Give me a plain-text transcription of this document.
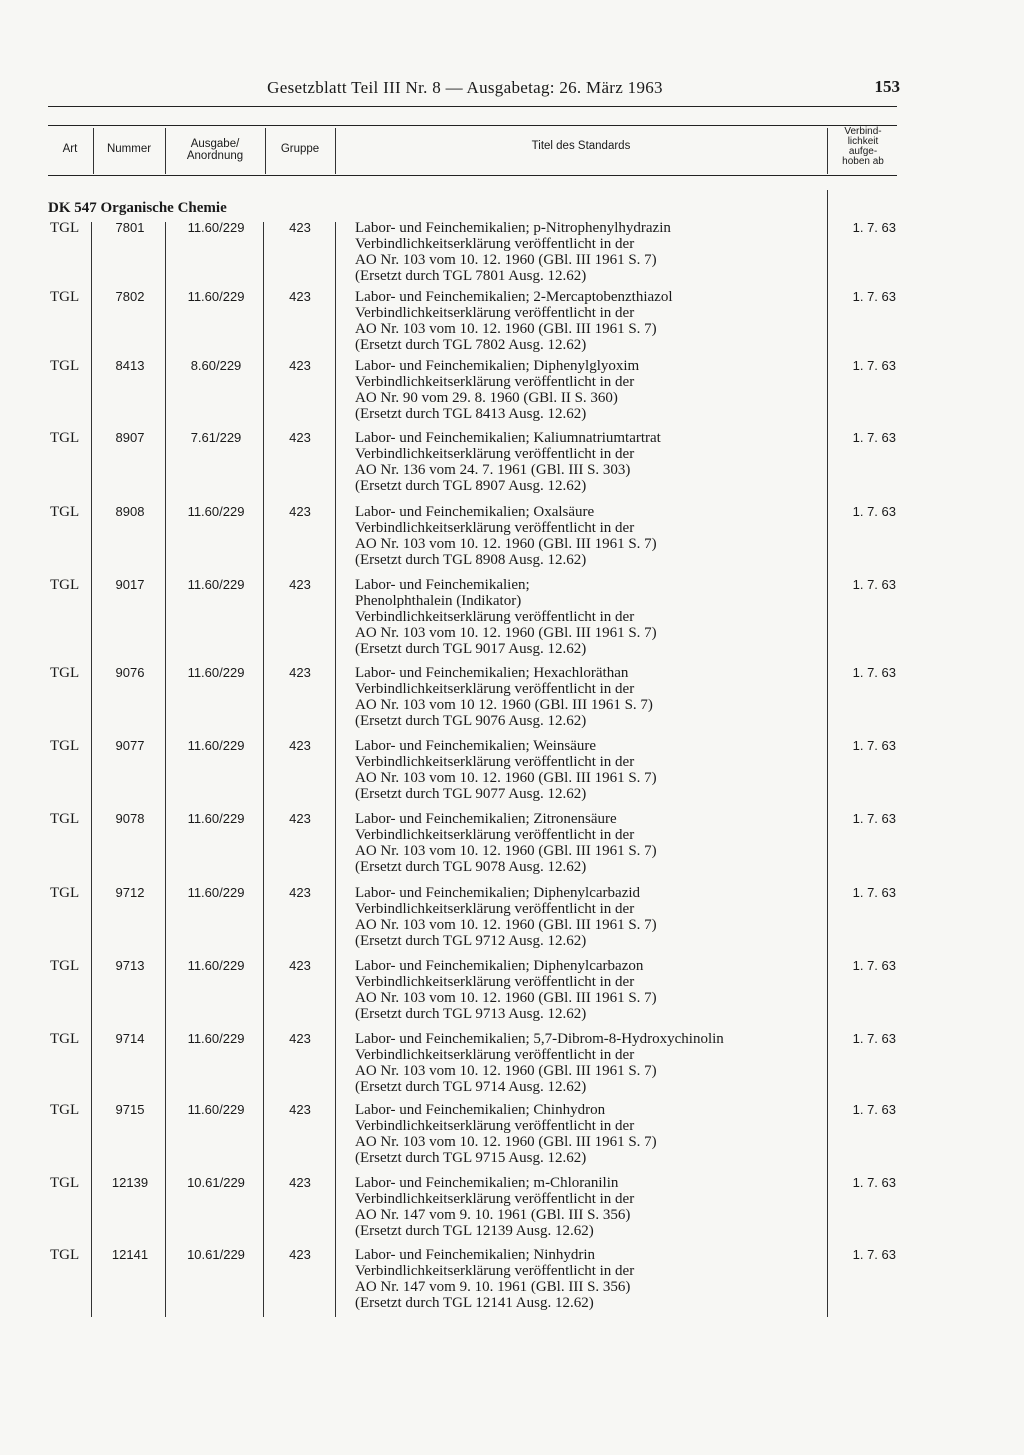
Gesetzblatt Teil III Nr. 8 — Ausgabetag: 26. März 1963	153
Art	Nummer	Ausgabe/
Anordnung
Gruppe	Titel des Standards
Verbind-
lichkeit
aufge-
hoben ab
DK 547 Organische Chemie
TGL	7801	11.60/229	423	Labor- und Feinchemikalien; p-Nitrophenylhydrazin
Verbindlichkeitserklärung veröffentlicht in der
AO Nr. 103 vom 10. 12. 1960 (GBl. III 1961 S. 7)
(Ersetzt durch TGL 7801 Ausg. 12.62)
1. 7. 63
TGL	7802	11.60/229	423	Labor- und Feinchemikalien; 2-Mercaptobenzthiazol
Verbindlichkeitserklärung veröffentlicht in der
AO Nr. 103 vom 10. 12. 1960 (GBl. III 1961 S. 7)
(Ersetzt durch TGL 7802 Ausg. 12.62)
1. 7. 63
TGL	8413	8.60/229	423	Labor- und Feinchemikalien; Diphenylglyoxim
Verbindlichkeitserklärung veröffentlicht in der
AO Nr. 90 vom 29. 8. 1960 (GBl. II S. 360)
(Ersetzt durch TGL 8413 Ausg. 12.62)
1. 7. 63
TGL	8907	7.61/229	423	Labor- und Feinchemikalien; Kaliumnatriumtartrat
Verbindlichkeitserklärung veröffentlicht in der
AO Nr. 136 vom 24. 7. 1961 (GBl. III S. 303)
(Ersetzt durch TGL 8907 Ausg. 12.62)
1. 7. 63
TGL	8908	11.60/229	423	Labor- und Feinchemikalien; Oxalsäure
Verbindlichkeitserklärung veröffentlicht in der
AO Nr. 103 vom 10. 12. 1960 (GBl. III 1961 S. 7)
(Ersetzt durch TGL 8908 Ausg. 12.62)
1. 7. 63
TGL	9017	11.60/229	423	Labor- und Feinchemikalien;
Phenolphthalein (Indikator)
Verbindlichkeitserklärung veröffentlicht in der
AO Nr. 103 vom 10. 12. 1960 (GBl. III 1961 S. 7)
(Ersetzt durch TGL 9017 Ausg. 12.62)
1. 7. 63
TGL	9076	11.60/229	423	Labor- und Feinchemikalien; Hexachloräthan
Verbindlichkeitserklärung veröffentlicht in der
AO Nr. 103 vom 10 12. 1960 (GBl. III 1961 S. 7)
(Ersetzt durch TGL 9076 Ausg. 12.62)
1. 7. 63
TGL	9077	11.60/229	423	Labor- und Feinchemikalien; Weinsäure
Verbindlichkeitserklärung veröffentlicht in der
AO Nr. 103 vom 10. 12. 1960 (GBl. III 1961 S. 7)
(Ersetzt durch TGL 9077 Ausg. 12.62)
1. 7. 63
TGL	9078	11.60/229	423	Labor- und Feinchemikalien; Zitronensäure
Verbindlichkeitserklärung veröffentlicht in der
AO Nr. 103 vom 10. 12. 1960 (GBl. III 1961 S. 7)
(Ersetzt durch TGL 9078 Ausg. 12.62)
1. 7. 63
TGL	9712	11.60/229	423	Labor- und Feinchemikalien; Diphenylcarbazid
Verbindlichkeitserklärung veröffentlicht in der
AO Nr. 103 vom 10. 12. 1960 (GBl. III 1961 S. 7)
(Ersetzt durch TGL 9712 Ausg. 12.62)
1. 7. 63
TGL	9713	11.60/229	423	Labor- und Feinchemikalien; Diphenylcarbazon
Verbindlichkeitserklärung veröffentlicht in der
AO Nr. 103 vom 10. 12. 1960 (GBl. III 1961 S. 7)
(Ersetzt durch TGL 9713 Ausg. 12.62)
1. 7. 63
TGL	9714	11.60/229	423	Labor- und Feinchemikalien; 5,7-Dibrom-8-Hydroxychinolin
Verbindlichkeitserklärung veröffentlicht in der
AO Nr. 103 vom 10. 12. 1960 (GBl. III 1961 S. 7)
(Ersetzt durch TGL 9714 Ausg. 12.62)
1. 7. 63
TGL	9715	11.60/229	423	Labor- und Feinchemikalien; Chinhydron
Verbindlichkeitserklärung veröffentlicht in der
AO Nr. 103 vom 10. 12. 1960 (GBl. III 1961 S. 7)
(Ersetzt durch TGL 9715 Ausg. 12.62)
1. 7. 63
TGL	12139	10.61/229	423	Labor- und Feinchemikalien; m-Chloranilin
Verbindlichkeitserklärung veröffentlicht in der
AO Nr. 147 vom 9. 10. 1961 (GBl. III S. 356)
(Ersetzt durch TGL 12139 Ausg. 12.62)
1. 7. 63
TGL	12141	10.61/229	423	Labor- und Feinchemikalien; Ninhydrin
Verbindlichkeitserklärung veröffentlicht in der
AO Nr. 147 vom 9. 10. 1961 (GBl. III S. 356)
(Ersetzt durch TGL 12141 Ausg. 12.62)
1. 7. 63
